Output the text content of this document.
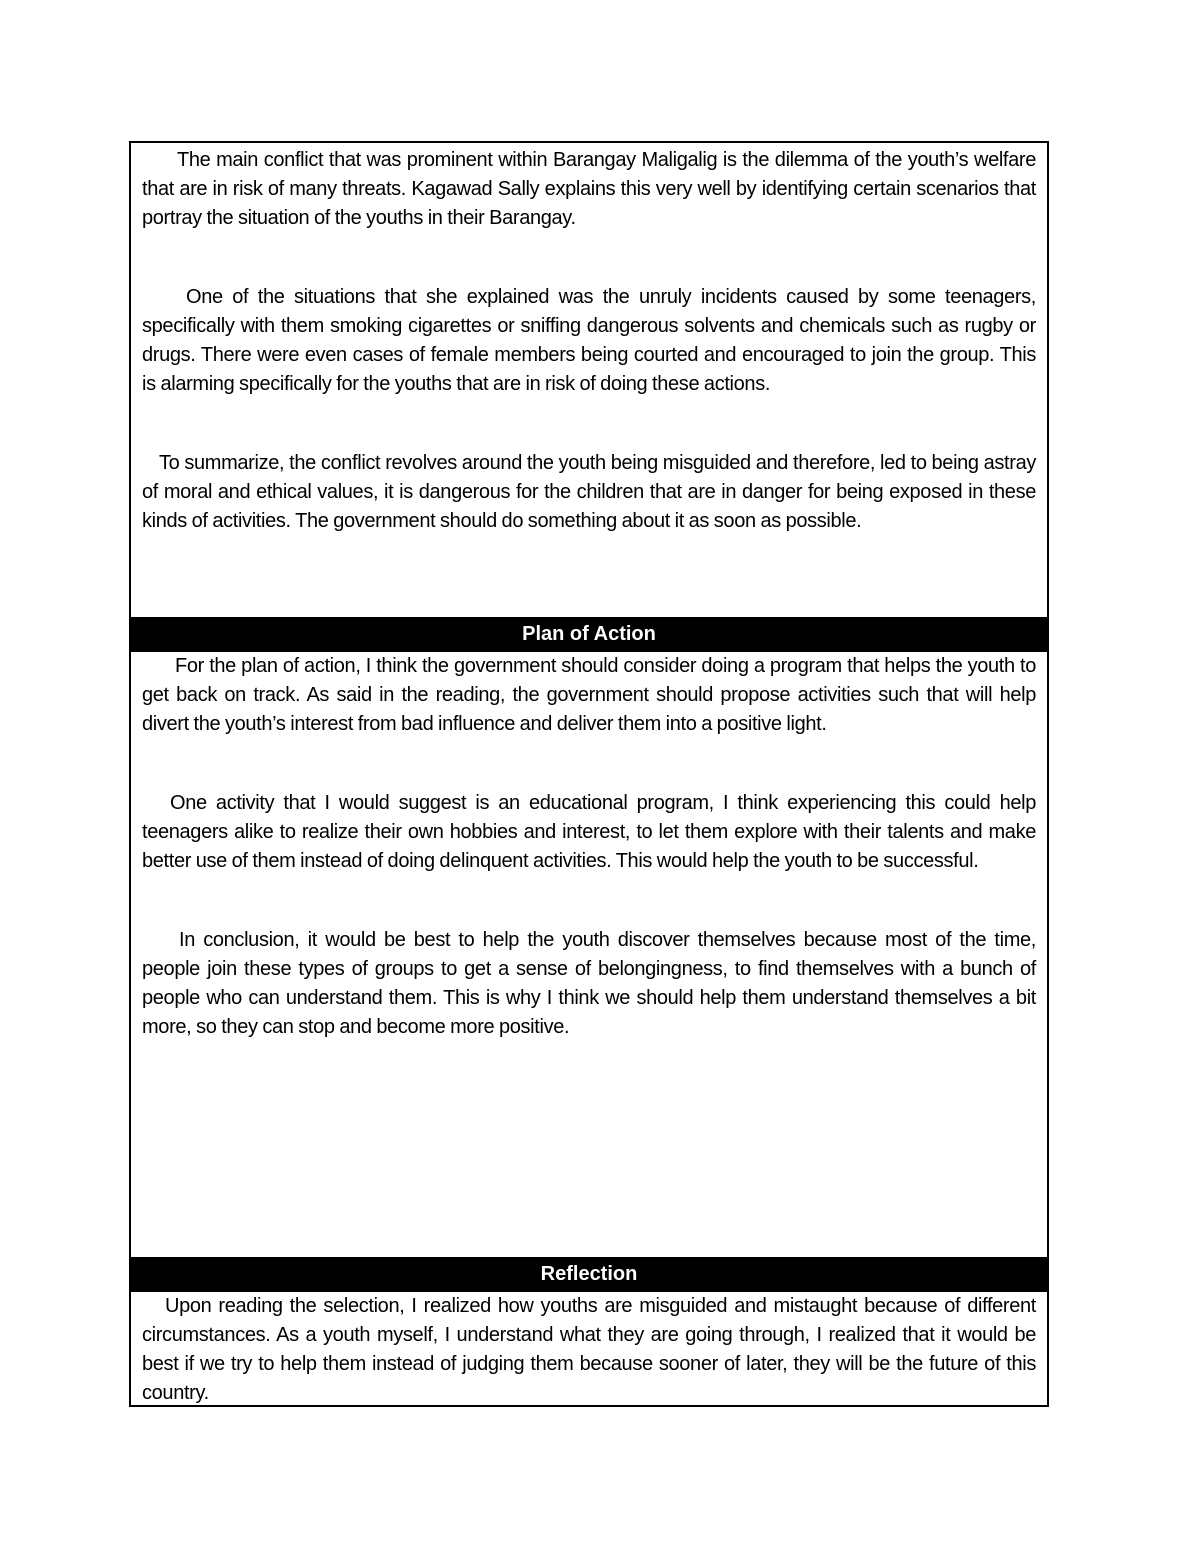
The main conflict that was prominent within Barangay Maligalig is the dilemma of the youth’s welfare that are in risk of many threats. Kagawad Sally explains this very well by identifying certain scenarios that portray the situation of the youths in their Barangay.

One of the situations that she explained was the unruly incidents caused by some teenagers, specifically with them smoking cigarettes or sniffing dangerous solvents and chemicals such as rugby or drugs. There were even cases of female members being courted and encouraged to join the group. This is alarming specifically for the youths that are in risk of doing these actions.

To summarize, the conflict revolves around the youth being misguided and therefore, led to being astray of moral and ethical values, it is dangerous for the children that are in danger for being exposed in these kinds of activities. The government should do something about it as soon as possible.

Plan of Action

For the plan of action, I think the government should consider doing a program that helps the youth to get back on track. As said in the reading, the government should propose activities such that will help divert the youth’s interest from bad influence and deliver them into a positive light.

One activity that I would suggest is an educational program, I think experiencing this could help teenagers alike to realize their own hobbies and interest, to let them explore with their talents and make better use of them instead of doing delinquent activities. This would help the youth to be successful.

In conclusion, it would be best to help the youth discover themselves because most of the time, people join these types of groups to get a sense of belongingness, to find themselves with a bunch of people who can understand them. This is why I think we should help them understand themselves a bit more, so they can stop and become more positive.

Reflection

Upon reading the selection, I realized how youths are misguided and mistaught because of different circumstances. As a youth myself, I understand what they are going through, I realized that it would be best if we try to help them instead of judging them because sooner of later, they will be the future of this country.
